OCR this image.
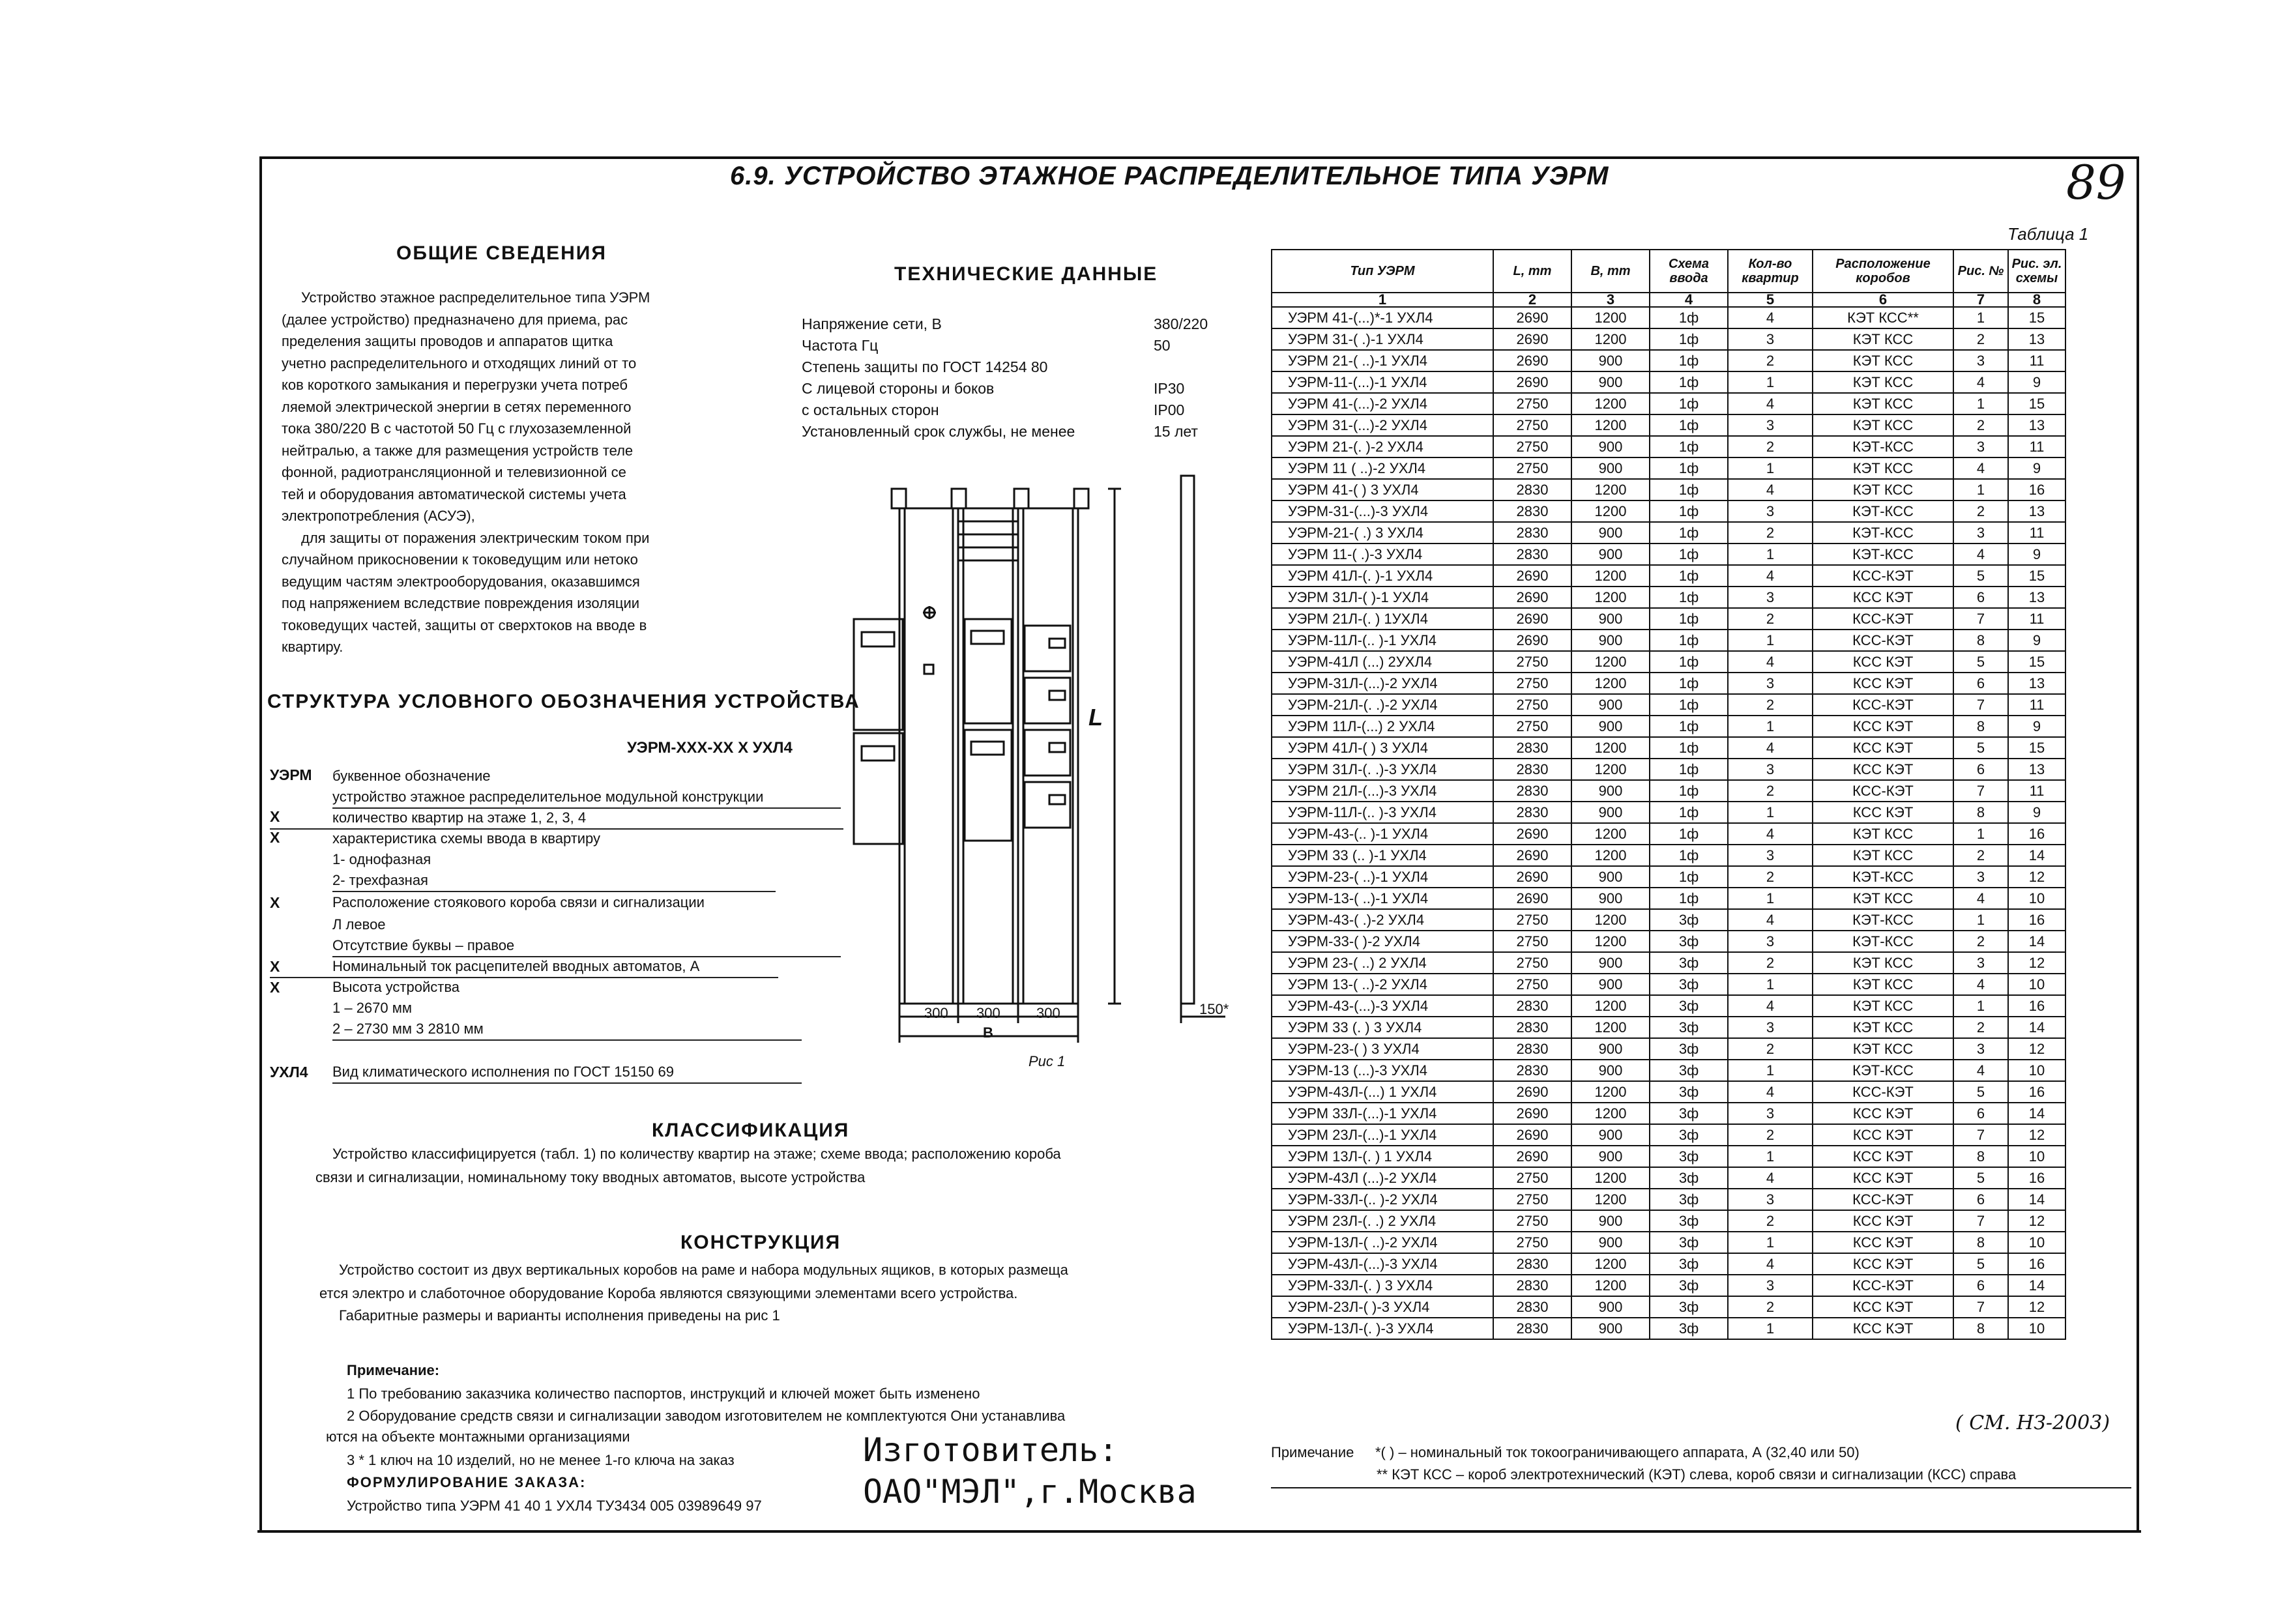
6.9. УСТРОЙСТВО ЭТАЖНОЕ РАСПРЕДЕЛИТЕЛЬНОЕ ТИПА УЭРМ	89
ОБЩИЕ СВЕДЕНИЯ
Устройство этажное распределительное типа УЭРМ
(далее устройство) предназначено для приема, рас
пределения защиты проводов и аппаратов щитка
учетно распределительного и отходящих линий от то
ков короткого замыкания и перегрузки учета потреб
ляемой электрической энергии в сетях переменного
тока 380/220 В с частотой 50 Гц с глухозаземленной
нейтралью, а также для размещения устройств теле
фонной, радиотрансляционной и телевизионной се
тей и оборудования автоматической системы учета
электропотребления (АСУЭ),
для защиты от поражения электрическим током при
случайном прикосновении к токоведущим или нетоко
ведущим частям электрооборудования, оказавшимся
под напряжением вследствие повреждения изоляции
токоведущих частей, защиты от сверхтоков на вводе в
квартиру.
ТЕХНИЧЕСКИЕ ДАННЫЕ
Напряжение сети, В	380/220
Частота Гц	50
Степень защиты по ГОСТ 14254 80
С лицевой стороны и боков	IP30
с остальных сторон	IP00
Установленный срок службы, не менее	15 лет
СТРУКТУРА УСЛОВНОГО ОБОЗНАЧЕНИЯ УСТРОЙСТВА
УЭРМ-ХХХ-ХХ Х УХЛ4
УЭРМ буквенное обозначение
устройство этажное распределительное модульной конструкции
Х	количество квартир на этаже 1, 2, 3, 4
Х	характеристика схемы ввода в квартиру
1- однофазная
2- трехфазная
Х	Расположение стоякового короба связи и сигнализации
Л левое
Отсутствие буквы – правое
Х	Номинальный ток расцепителей вводных автоматов, А
Х	Высота устройства
1 – 2670 мм
2 – 2730 мм 3 2810 мм
УХЛ4 Вид климатического исполнения по ГОСТ 15150 69
300 300	300
В
L
150*
Рис 1
КЛАССИФИКАЦИЯ
Устройство классифицируется (табл. 1) по количеству квартир на этаже; схеме ввода; расположению короба
связи и сигнализации, номинальному току вводных автоматов, высоте устройства
КОНСТРУКЦИЯ
Устройство состоит из двух вертикальных коробов на раме и набора модульных ящиков, в которых размеща
ется электро и слаботочное оборудование Короба являются связующими элементами всего устройства.
Габаритные размеры и варианты исполнения приведены на рис 1
Примечание:
1 По требованию заказчика количество паспортов, инструкций и ключей может быть изменено
2 Оборудование средств связи и сигнализации заводом изготовителем не комплектуются Они устанавлива
ются на объекте монтажными организациями
3 * 1 ключ на 10 изделий, но не менее 1-го ключа на заказ
ФОРМУЛИРОВАНИЕ ЗАКАЗА:
Устройство типа УЭРМ 41 40 1 УХЛ4 ТУ3434 005 03989649 97
Изготовитель:
ОАО"МЭЛ",г.Москва
Таблица 1
Тип УЭРМ	L, mm	B, mm	Схема ввода	Кол-во квартир	Расположение коробов	Рис. №	Рис. эл. схемы
1	2	3	4	5	6	7	8
УЭРМ 41-(...)*-1 УХЛ4	2690	1200	1ф	4	КЭТ КСС**	1	15
УЭРМ 31-( .)-1 УХЛ4	2690	1200	1ф	3	КЭТ КСС	2	13
УЭРМ 21-( ..)-1 УХЛ4	2690	900	1ф	2	КЭТ КСС	3	11
УЭРМ-11-(...)-1 УХЛ4	2690	900	1ф	1	КЭТ КСС	4	9
УЭРМ 41-(...)-2 УХЛ4	2750	1200	1ф	4	КЭТ КСС	1	15
УЭРМ 31-(...)-2 УХЛ4	2750	1200	1ф	3	КЭТ КСС	2	13
УЭРМ 21-(. )-2 УХЛ4	2750	900	1ф	2	КЭТ-КСС	3	11
УЭРМ 11 ( ..)-2 УХЛ4	2750	900	1ф	1	КЭТ КСС	4	9
УЭРМ 41-( ) 3 УХЛ4	2830	1200	1ф	4	КЭТ КСС	1	16
УЭРМ-31-(...)-3 УХЛ4	2830	1200	1ф	3	КЭТ-КСС	2	13
УЭРМ-21-( .) 3 УХЛ4	2830	900	1ф	2	КЭТ-КСС	3	11
УЭРМ 11-( .)-3 УХЛ4	2830	900	1ф	1	КЭТ-КСС	4	9
УЭРМ 41Л-(. )-1 УХЛ4	2690	1200	1ф	4	КСС-КЭТ	5	15
УЭРМ 31Л-( )-1 УХЛ4	2690	1200	1ф	3	КСС КЭТ	6	13
УЭРМ 21Л-(. ) 1УХЛ4	2690	900	1ф	2	КСС-КЭТ	7	11
УЭРМ-11Л-(.. )-1 УХЛ4	2690	900	1ф	1	КСС-КЭТ	8	9
УЭРМ-41Л (...) 2УХЛ4	2750	1200	1ф	4	КСС КЭТ	5	15
УЭРМ-31Л-(...)-2 УХЛ4	2750	1200	1ф	3	КСС КЭТ	6	13
УЭРМ-21Л-(. .)-2 УХЛ4	2750	900	1ф	2	КСС-КЭТ	7	11
УЭРМ 11Л-(...) 2 УХЛ4	2750	900	1ф	1	КСС КЭТ	8	9
УЭРМ 41Л-( ) 3 УХЛ4	2830	1200	1ф	4	КСС КЭТ	5	15
УЭРМ 31Л-(. .)-3 УХЛ4	2830	1200	1ф	3	КСС КЭТ	6	13
УЭРМ 21Л-(...)-3 УХЛ4	2830	900	1ф	2	КСС-КЭТ	7	11
УЭРМ-11Л-(.. )-3 УХЛ4	2830	900	1ф	1	КСС КЭТ	8	9
УЭРМ-43-(.. )-1 УХЛ4	2690	1200	1ф	4	КЭТ КСС	1	16
УЭРМ 33 (.. )-1 УХЛ4	2690	1200	1ф	3	КЭТ КСС	2	14
УЭРМ-23-( ..)-1 УХЛ4	2690	900	1ф	2	КЭТ-КСС	3	12
УЭРМ-13-( ..)-1 УХЛ4	2690	900	1ф	1	КЭТ КСС	4	10
УЭРМ-43-( .)-2 УХЛ4	2750	1200	3ф	4	КЭТ-КСС	1	16
УЭРМ-33-( )-2 УХЛ4	2750	1200	3ф	3	КЭТ-КСС	2	14
УЭРМ 23-( ..) 2 УХЛ4	2750	900	3ф	2	КЭТ КСС	3	12
УЭРМ 13-( ..)-2 УХЛ4	2750	900	3ф	1	КЭТ КСС	4	10
УЭРМ-43-(...)-3 УХЛ4	2830	1200	3ф	4	КЭТ КСС	1	16
УЭРМ 33 (. ) 3 УХЛ4	2830	1200	3ф	3	КЭТ КСС	2	14
УЭРМ-23-( ) 3 УХЛ4	2830	900	3ф	2	КЭТ КСС	3	12
УЭРМ-13 (...)-3 УХЛ4	2830	900	3ф	1	КЭТ-КСС	4	10
УЭРМ-43Л-(...) 1 УХЛ4	2690	1200	3ф	4	КСС-КЭТ	5	16
УЭРМ 33Л-(...)-1 УХЛ4	2690	1200	3ф	3	КСС КЭТ	6	14
УЭРМ 23Л-(...)-1 УХЛ4	2690	900	3ф	2	КСС КЭТ	7	12
УЭРМ 13Л-(. ) 1 УХЛ4	2690	900	3ф	1	КСС КЭТ	8	10
УЭРМ-43Л (...)-2 УХЛ4	2750	1200	3ф	4	КСС КЭТ	5	16
УЭРМ-33Л-(.. )-2 УХЛ4	2750	1200	3ф	3	КСС-КЭТ	6	14
УЭРМ 23Л-(. .) 2 УХЛ4	2750	900	3ф	2	КСС КЭТ	7	12
УЭРМ-13Л-( ..)-2 УХЛ4	2750	900	3ф	1	КСС КЭТ	8	10
УЭРМ-43Л-(...)-3 УХЛ4	2830	1200	3ф	4	КСС КЭТ	5	16
УЭРМ-33Л-(. ) 3 УХЛ4	2830	1200	3ф	3	КСС-КЭТ	6	14
УЭРМ-23Л-( )-3 УХЛ4	2830	900	3ф	2	КСС КЭТ	7	12
УЭРМ-13Л-(. )-3 УХЛ4	2830	900	3ф	1	КСС КЭТ	8	10
( СМ. НЗ-2003)
Примечание *( ) – номинальный ток токоограничивающего аппарата, А (32,40 или 50)
** КЭТ КСС – короб электротехнический (КЭТ) слева, короб связи и сигнализации (КСС) справа
